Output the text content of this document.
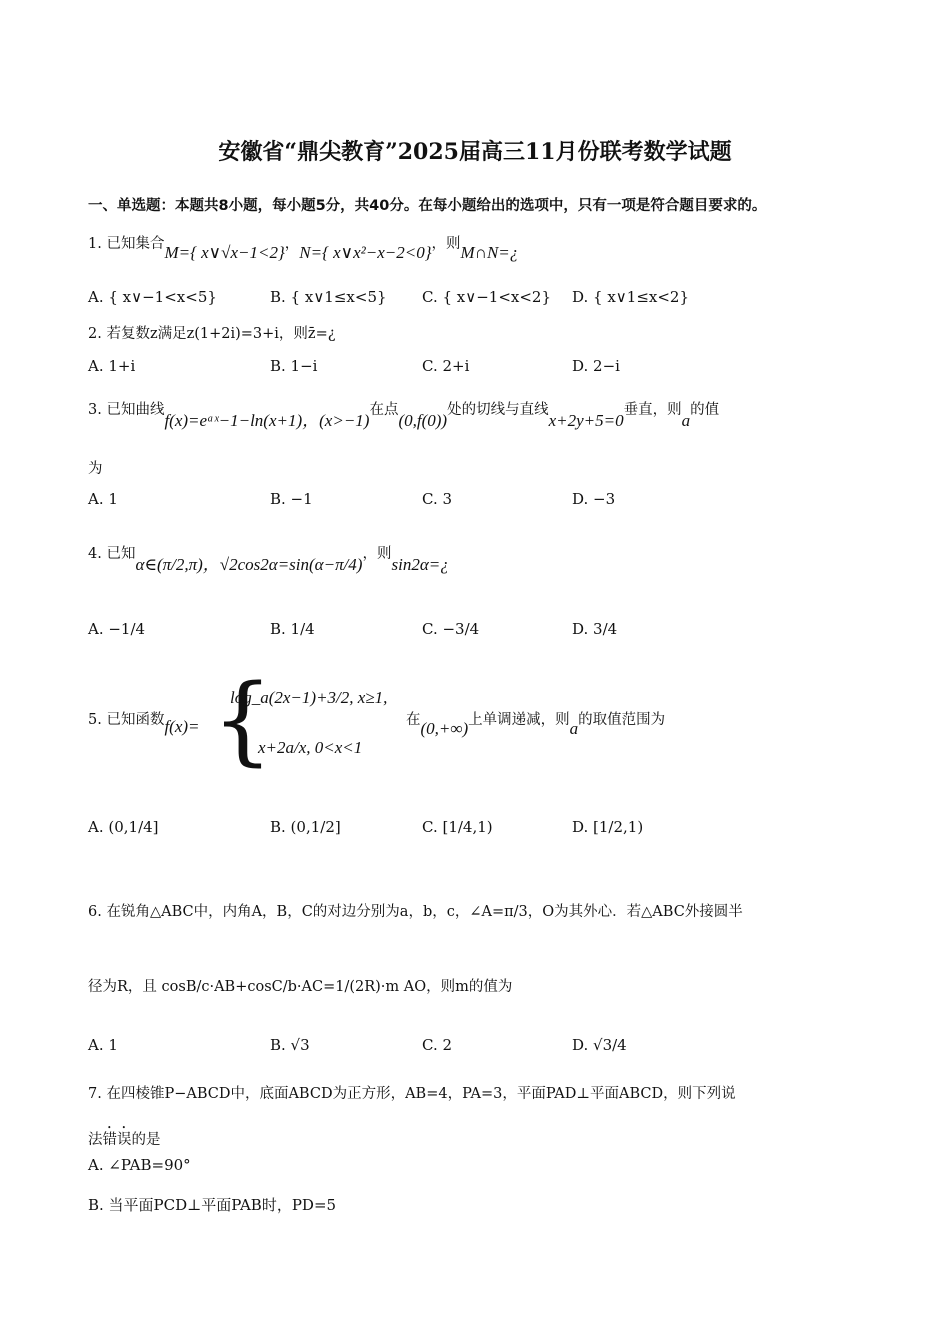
安徽省“鼎尖教育”2025届高三11月份联考数学试题
一、单选题：本题共8小题，每小题5分，共40分。在每小题给出的选项中，只有一项是符合题目要求的。
1. 已知集合M={ x∨√x−1<2}，N={ x∨x²−x−2<0}，则M∩N=¿
A. { x∨−1<x<5}	B. { x∨1≤x<5} C. { x∨−1<x<2} D. { x∨1≤x<2}
2. 若复数z满足z(1+2i)=3+i，则z̄=¿
A. 1+i	B. 1−i	C. 2+i	D. 2−i
3. 已知曲线f(x)=eᵃˣ−1−ln(x+1)，(x>−1)在点(0,f(0))处的切线与直线x+2y+5=0垂直，则a的值
为
A. 1	B. −1	C. 3	D. −3
4. 已知α∈(π/2,π)，√2cos2α=sin(α−π/4)，则sin2α=¿
A. −1/4	B. 1/4	C. −3/4	D. 3/4
5. 已知函数f(x)= {
log_a(2x−1)+3/2, x≥1,
x+2a/x, 0<x<1
在(0,+∞)上单调递减，则a的取值范围为
A. (0,1/4]	B. (0,1/2]	C. [1/4,1)	D. [1/2,1)
6. 在锐角△ABC中，内角A，B，C的对边分别为a，b，c，∠A=π/3，O为其外心．若△ABC外接圆半
径为R，且 cosB/c·AB+cosC/b·AC=1/(2R)·m AO，则m的值为
A. 1	B. √3	C. 2	D. √3/4
7. 在四棱锥P−ABCD中，底面ABCD为正方形，AB=4，PA=3，平面PAD⊥平面ABCD，则下列说
法错误的是
A. ∠PAB=90°
B. 当平面PCD⊥平面PAB时，PD=5
